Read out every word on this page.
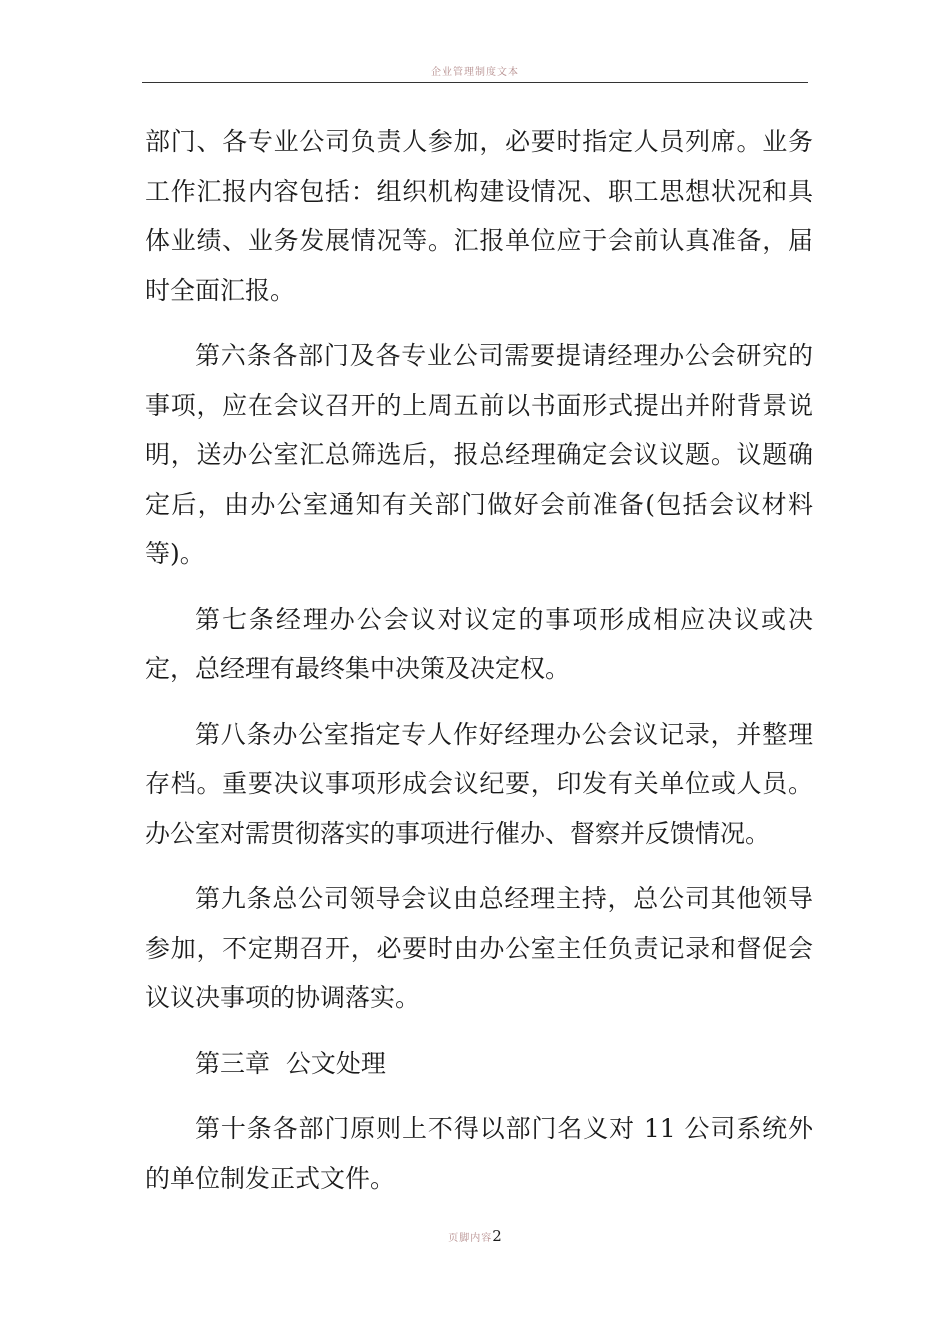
企业管理制度文本

部门、各专业公司负责人参加，必要时指定人员列席。业务工作汇报内容包括：组织机构建设情况、职工思想状况和具体业绩、业务发展情况等。汇报单位应于会前认真准备，届时全面汇报。

第六条各部门及各专业公司需要提请经理办公会研究的事项，应在会议召开的上周五前以书面形式提出并附背景说明，送办公室汇总筛选后，报总经理确定会议议题。议题确定后，由办公室通知有关部门做好会前准备(包括会议材料等)。

第七条经理办公会议对议定的事项形成相应决议或决定，总经理有最终集中决策及决定权。

第八条办公室指定专人作好经理办公会议记录，并整理存档。重要决议事项形成会议纪要，印发有关单位或人员。办公室对需贯彻落实的事项进行催办、督察并反馈情况。

第九条总公司领导会议由总经理主持，总公司其他领导参加，不定期召开，必要时由办公室主任负责记录和督促会议议决事项的协调落实。

第三章  公文处理

第十条各部门原则上不得以部门名义对 11 公司系统外的单位制发正式文件。

页脚内容2
